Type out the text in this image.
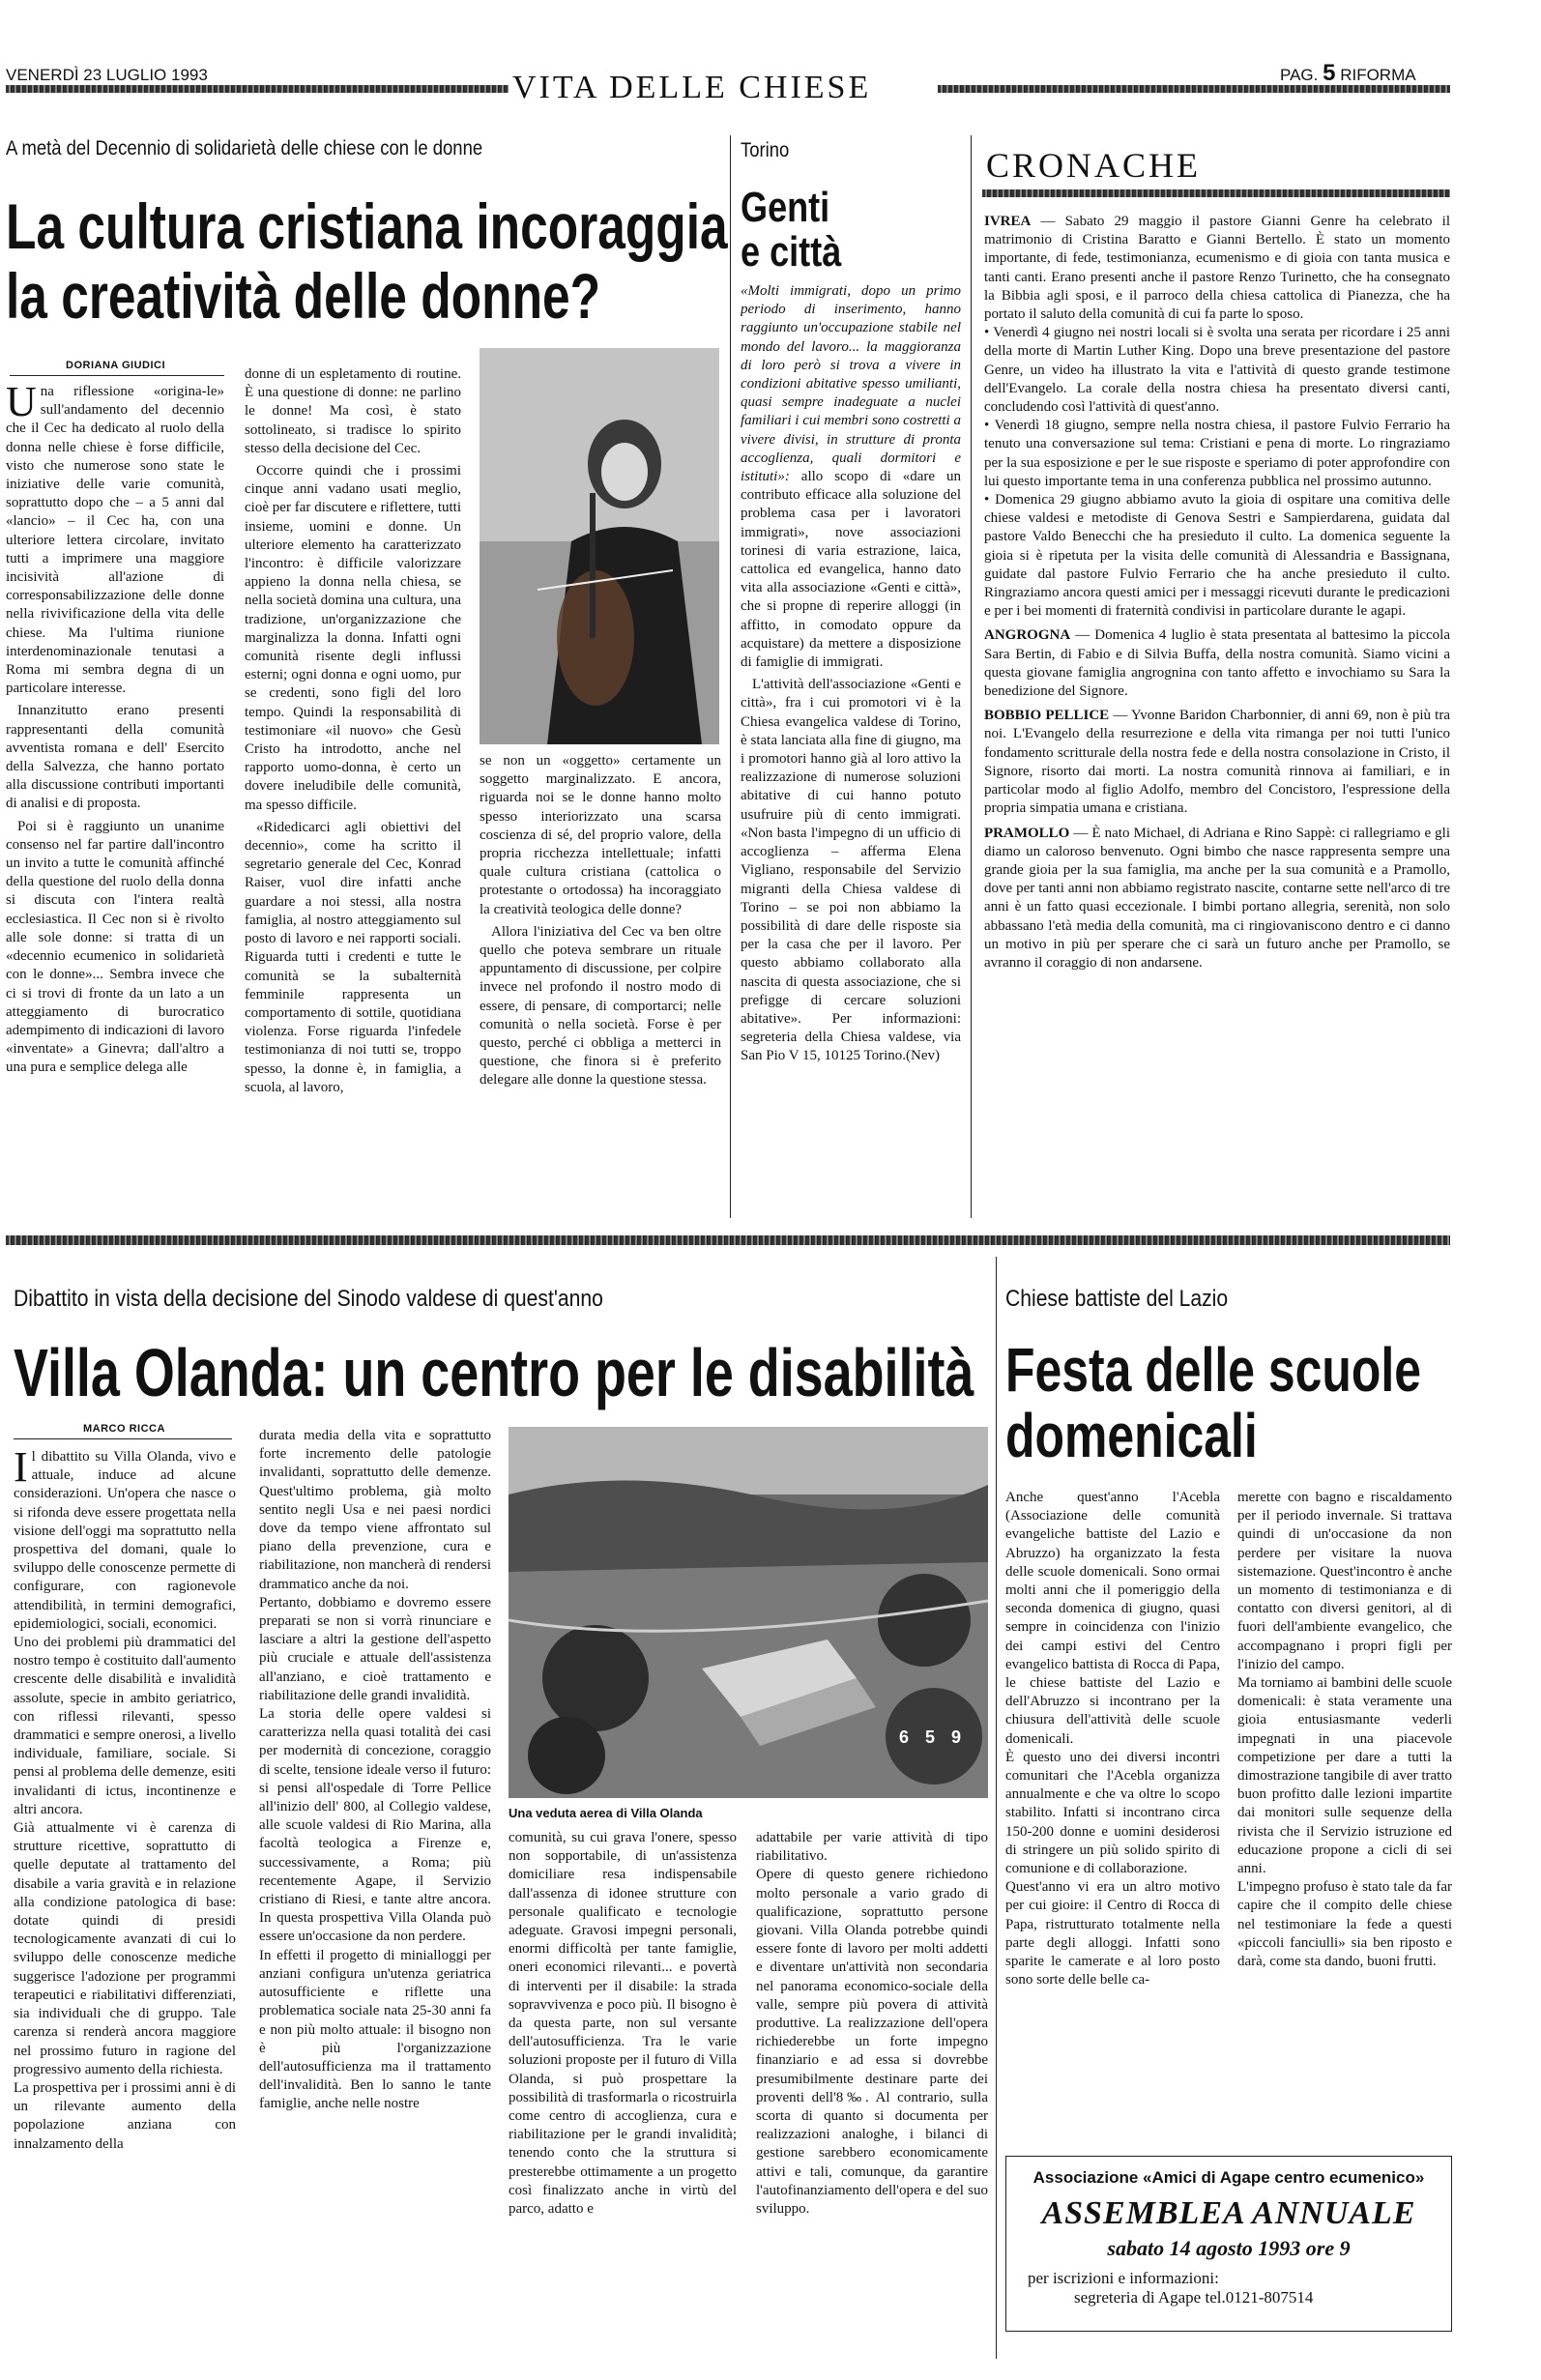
VENERDÌ 23 LUGLIO 1993	VITA DELLE CHIESE	PAG. 5 RIFORMA
A metà del Decennio di solidarietà delle chiese con le donne
La cultura cristiana incoraggia
la creatività delle donne?
DORIANA GIUDICI

Una riflessione «origina-le» sull'andamento del decennio che il Cec ha dedicato al ruolo della donna nelle chiese è forse difficile, visto che numerose sono state le iniziative delle varie comunità, soprattutto dopo che – a 5 anni dal «lancio» – il Cec ha, con una ulteriore lettera circolare, invitato tutti a imprimere una maggiore incisività all'azione di corresponsabilizzazione delle donne nella rivivificazione della vita delle chiese. Ma l'ultima riunione interdenominazionale tenutasi a Roma mi sembra degna di un particolare interesse.

Innanzitutto erano presenti rappresentanti della comunità avventista romana e dell' Esercito della Salvezza, che hanno portato alla discussione contributi importanti di analisi e di proposta.

Poi si è raggiunto un unanime consenso nel far partire dall'incontro un invito a tutte le comunità affinché della questione del ruolo della donna si discuta con l'intera realtà ecclesiastica. Il Cec non si è rivolto alle sole donne: si tratta di un «decennio ecumenico in solidarietà con le donne»... Sembra invece che ci si trovi di fronte da un lato a un atteggiamento di burocratico adempimento di indicazioni di lavoro «inventate» a Ginevra; dall'altro a una pura e semplice delega alle

donne di un espletamento di routine. È una questione di donne: ne parlino le donne! Ma così, è stato sottolineato, si tradisce lo spirito stesso della decisione del Cec.

Occorre quindi che i prossimi cinque anni vadano usati meglio, cioè per far discutere e riflettere, tutti insieme, uomini e donne. Un ulteriore elemento ha caratterizzato l'incontro: è difficile valorizzare appieno la donna nella chiesa, se nella società domina una cultura, una tradizione, un'organizzazione che marginalizza la donna. Infatti ogni comunità risente degli influssi esterni; ogni donna e ogni uomo, pur se credenti, sono figli del loro tempo. Quindi la responsabilità di testimoniare «il nuovo» che Gesù Cristo ha introdotto, anche nel rapporto uomo-donna, è certo un dovere ineludibile delle comunità, ma spesso difficile.

«Ridedicarci agli obiettivi del decennio», come ha scritto il segretario generale del Cec, Konrad Raiser, vuol dire infatti anche guardare a noi stessi, alla nostra famiglia, al nostro atteggiamento sul posto di lavoro e nei rapporti sociali. Riguarda tutti i credenti e tutte le comunità se la subalternità femminile rappresenta un comportamento di sottile, quotidiana violenza. Forse riguarda l'infedele testimonianza di noi tutti se, troppo spesso, la donne è, in famiglia, a scuola, al lavoro,

se non un «oggetto» certamente un soggetto marginalizzato. E ancora, riguarda noi se le donne hanno molto spesso interiorizzato una scarsa coscienza di sé, del proprio valore, della propria ricchezza intellettuale; infatti quale cultura cristiana (cattolica o protestante o ortodossa) ha incoraggiato la creatività teologica delle donne?

Allora l'iniziativa del Cec va ben oltre quello che poteva sembrare un rituale appuntamento di discussione, per colpire invece nel profondo il nostro modo di essere, di pensare, di comportarci; nelle comunità o nella società. Forse è per questo, perché ci obbliga a metterci in questione, che finora si è preferito delegare alle donne la questione stessa.

Torino
Genti
e città

«Molti immigrati, dopo un primo periodo di inserimento, hanno raggiunto un'occupazione stabile nel mondo del lavoro... la maggioranza di loro però si trova a vivere in condizioni abitative spesso umilianti, quasi sempre inadeguate a nuclei familiari i cui membri sono costretti a vivere divisi, in strutture di pronta accoglienza, quali dormitori e istituti»: allo scopo di «dare un contributo efficace alla soluzione del problema casa per i lavoratori immigrati», nove associazioni torinesi di varia estrazione, laica, cattolica ed evangelica, hanno dato vita alla associazione «Genti e città», che si propne di reperire alloggi (in affitto, in comodato oppure da acquistare) da mettere a disposizione di famiglie di immigrati.

L'attività dell'associazione «Genti e città», fra i cui promotori vi è la Chiesa evangelica valdese di Torino, è stata lanciata alla fine di giugno, ma i promotori hanno già al loro attivo la realizzazione di numerose soluzioni abitative di cui hanno potuto usufruire più di cento immigrati. «Non basta l'impegno di un ufficio di accoglienza – afferma Elena Vigliano, responsabile del Servizio migranti della Chiesa valdese di Torino – se poi non abbiamo la possibilità di dare delle risposte sia per la casa che per il lavoro. Per questo abbiamo collaborato alla nascita di questa associazione, che si prefigge di cercare soluzioni abitative». Per informazioni: segreteria della Chiesa valdese, via San Pio V 15, 10125 Torino.(Nev)

CRONACHE

IVREA — Sabato 29 maggio il pastore Gianni Genre ha celebrato il matrimonio di Cristina Baratto e Gianni Bertello. È stato un momento importante, di fede, testimonianza, ecumenismo e di gioia con tanta musica e tanti canti. Erano presenti anche il pastore Renzo Turinetto, che ha consegnato la Bibbia agli sposi, e il parroco della chiesa cattolica di Pianezza, che ha portato il saluto della comunità di cui fa parte lo sposo.
• Venerdì 4 giugno nei nostri locali si è svolta una serata per ricordare i 25 anni della morte di Martin Luther King. Dopo una breve presentazione del pastore Genre, un video ha illustrato la vita e l'attività di questo grande testimone dell'Evangelo. La corale della nostra chiesa ha presentato diversi canti, concludendo così l'attività di quest'anno.
• Venerdì 18 giugno, sempre nella nostra chiesa, il pastore Fulvio Ferrario ha tenuto una conversazione sul tema: Cristiani e pena di morte. Lo ringraziamo per la sua esposizione e per le sue risposte e speriamo di poter approfondire con lui questo importante tema in una conferenza pubblica nel prossimo autunno.
• Domenica 29 giugno abbiamo avuto la gioia di ospitare una comitiva delle chiese valdesi e metodiste di Genova Sestri e Sampierdarena, guidata dal pastore Valdo Benecchi che ha presieduto il culto. La domenica seguente la gioia si è ripetuta per la visita delle comunità di Alessandria e Bassignana, guidate dal pastore Fulvio Ferrario che ha anche presieduto il culto. Ringraziamo ancora questi amici per i messaggi ricevuti durante le predicazioni e per i bei momenti di fraternità condivisi in particolare durante le agapi.

ANGROGNA — Domenica 4 luglio è stata presentata al battesimo la piccola Sara Bertin, di Fabio e di Silvia Buffa, della nostra comunità. Siamo vicini a questa giovane famiglia angrognina con tanto affetto e invochiamo su Sara la benedizione del Signore.

BOBBIO PELLICE — Yvonne Baridon Charbonnier, di anni 69, non è più tra noi. L'Evangelo della resurrezione e della vita rimanga per noi tutti l'unico fondamento scritturale della nostra fede e della nostra consolazione in Cristo, il Signore, risorto dai morti. La nostra comunità rinnova ai familiari, e in particolar modo al figlio Adolfo, membro del Concistoro, l'espressione della propria simpatia umana e cristiana.

PRAMOLLO — È nato Michael, di Adriana e Rino Sappè: ci rallegriamo e gli diamo un caloroso benvenuto. Ogni bimbo che nasce rappresenta sempre una grande gioia per la sua famiglia, ma anche per la sua comunità e a Pramollo, dove per tanti anni non abbiamo registrato nascite, contarne sette nell'arco di tre anni è un fatto quasi eccezionale. I bimbi portano allegria, serenità, non solo abbassano l'età media della comunità, ma ci ringiovaniscono dentro e ci danno un motivo in più per sperare che ci sarà un futuro anche per Pramollo, se avranno il coraggio di non andarsene.

Dibattito in vista della decisione del Sinodo valdese di quest'anno
Villa Olanda: un centro per le disabilità
MARCO RICCA
Il dibattito su Villa Olanda, vivo e attuale, induce ad alcune considerazioni. Un'opera che nasce o si rifonda deve essere progettata nella visione dell'oggi ma soprattutto nella prospettiva del domani, quale lo sviluppo delle conoscenze permette di configurare, con ragionevole attendibilità, in termini demografici, epidemiologici, sociali, economici.
Uno dei problemi più drammatici del nostro tempo è costituito dall'aumento crescente delle disabilità e invalidità assolute, specie in ambito geriatrico, con riflessi rilevanti, spesso drammatici e sempre onerosi, a livello individuale, familiare, sociale. Si pensi al problema delle demenze, esiti invalidanti di ictus, incontinenze e altri ancora.
Già attualmente vi è carenza di strutture ricettive, soprattutto di quelle deputate al trattamento del disabile a varia gravità e in relazione alla condizione patologica di base: dotate quindi di presidi tecnologicamente avanzati di cui lo sviluppo delle conoscenze mediche suggerisce l'adozione per programmi terapeutici e riabilitativi differenziati, sia individuali che di gruppo. Tale carenza si renderà ancora maggiore nel prossimo futuro in ragione del progressivo aumento della richiesta.
La prospettiva per i prossimi anni è di un rilevante aumento della popolazione anziana con innalzamento della
durata media della vita e soprattutto forte incremento delle patologie invalidanti, soprattutto delle demenze. Quest'ultimo problema, già molto sentito negli Usa e nei paesi nordici dove da tempo viene affrontato sul piano della prevenzione, cura e riabilitazione, non mancherà di rendersi drammatico anche da noi.
Pertanto, dobbiamo e dovremo essere preparati se non si vorrà rinunciare e lasciare a altri la gestione dell'aspetto più cruciale e attuale dell'assistenza all'anziano, e cioè trattamento e riabilitazione delle grandi invalidità.
La storia delle opere valdesi si caratterizza nella quasi totalità dei casi per modernità di concezione, coraggio di scelte, tensione ideale verso il futuro: si pensi all'ospedale di Torre Pellice all'inizio dell' 800, al Collegio valdese, alle scuole valdesi di Rio Marina, alla facoltà teologica a Firenze e, successivamente, a Roma; più recentemente Agape, il Servizio cristiano di Riesi, e tante altre ancora. In questa prospettiva Villa Olanda può essere un'occasione da non perdere.
In effetti il progetto di minialloggi per anziani configura un'utenza geriatrica autosufficiente e riflette una problematica sociale nata 25-30 anni fa e non più molto attuale: il bisogno non è più l'organizzazione dell'autosufficienza ma il trattamento dell'invalidità. Ben lo sanno le tante famiglie, anche nelle nostre
6 5 9
Una veduta aerea di Villa Olanda
comunità, su cui grava l'onere, spesso non sopportabile, di un'assistenza domiciliare resa indispensabile dall'assenza di idonee strutture con personale qualificato e tecnologie adeguate. Gravosi impegni personali, enormi difficoltà per tante famiglie, oneri economici rilevanti... e povertà di interventi per il disabile: la strada sopravvivenza e poco più. Il bisogno è da questa parte, non sul versante dell'autosufficienza. Tra le varie soluzioni proposte per il futuro di Villa Olanda, si può prospettare la possibilità di trasformarla o ricostruirla come centro di accoglienza, cura e riabilitazione per le grandi invalidità; tenendo conto che la struttura si presterebbe ottimamente a un progetto così finalizzato anche in virtù del parco, adatto e
adattabile per varie attività di tipo riabilitativo.
Opere di questo genere richiedono molto personale a vario grado di qualificazione, soprattutto persone giovani. Villa Olanda potrebbe quindi essere fonte di lavoro per molti addetti e diventare un'attività non secondaria nel panorama economico-sociale della valle, sempre più povera di attività produttive. La realizzazione dell'opera richiederebbe un forte impegno finanziario e ad essa si dovrebbe presumibilmente destinare parte dei proventi dell'8‰. Al contrario, sulla scorta di quanto si documenta per realizzazioni analoghe, i bilanci di gestione sarebbero economicamente attivi e tali, comunque, da garantire l'autofinanziamento dell'opera e del suo sviluppo.
Chiese battiste del Lazio
Festa delle scuole
domenicali
Anche quest'anno l'Acebla (Associazione delle comunità evangeliche battiste del Lazio e Abruzzo) ha organizzato la festa delle scuole domenicali. Sono ormai molti anni che il pomeriggio della seconda domenica di giugno, quasi sempre in coincidenza con l'inizio dei campi estivi del Centro evangelico battista di Rocca di Papa, le chiese battiste del Lazio e dell'Abruzzo si incontrano per la chiusura dell'attività delle scuole domenicali.
È questo uno dei diversi incontri comunitari che l'Acebla organizza annualmente e che va oltre lo scopo stabilito. Infatti si incontrano circa 150-200 donne e uomini desiderosi di stringere un più solido spirito di comunione e di collaborazione.
Quest'anno vi era un altro motivo per cui gioire: il Centro di Rocca di Papa, ristrutturato totalmente nella parte degli alloggi. Infatti sono sparite le camerate e al loro posto sono sorte delle belle ca-
merette con bagno e riscaldamento per il periodo invernale. Si trattava quindi di un'occasione da non perdere per visitare la nuova sistemazione. Quest'incontro è anche un momento di testimonianza e di contatto con diversi genitori, al di fuori dell'ambiente evangelico, che accompagnano i propri figli per l'inizio del campo.
Ma torniamo ai bambini delle scuole domenicali: è stata veramente una gioia entusiasmante vederli impegnati in una piacevole competizione per dare a tutti la dimostrazione tangibile di aver tratto buon profitto dalle lezioni impartite dai monitori sulle sequenze della rivista che il Servizio istruzione ed educazione propone a cicli di sei anni.
L'impegno profuso è stato tale da far capire che il compito delle chiese nel testimoniare la fede a questi «piccoli fanciulli» sia ben riposto e darà, come sta dando, buoni frutti.
Associazione «Amici di Agape centro ecumenico»
ASSEMBLEA ANNUALE
sabato 14 agosto 1993 ore 9
per iscrizioni e informazioni:
segreteria di Agape tel.0121-807514
